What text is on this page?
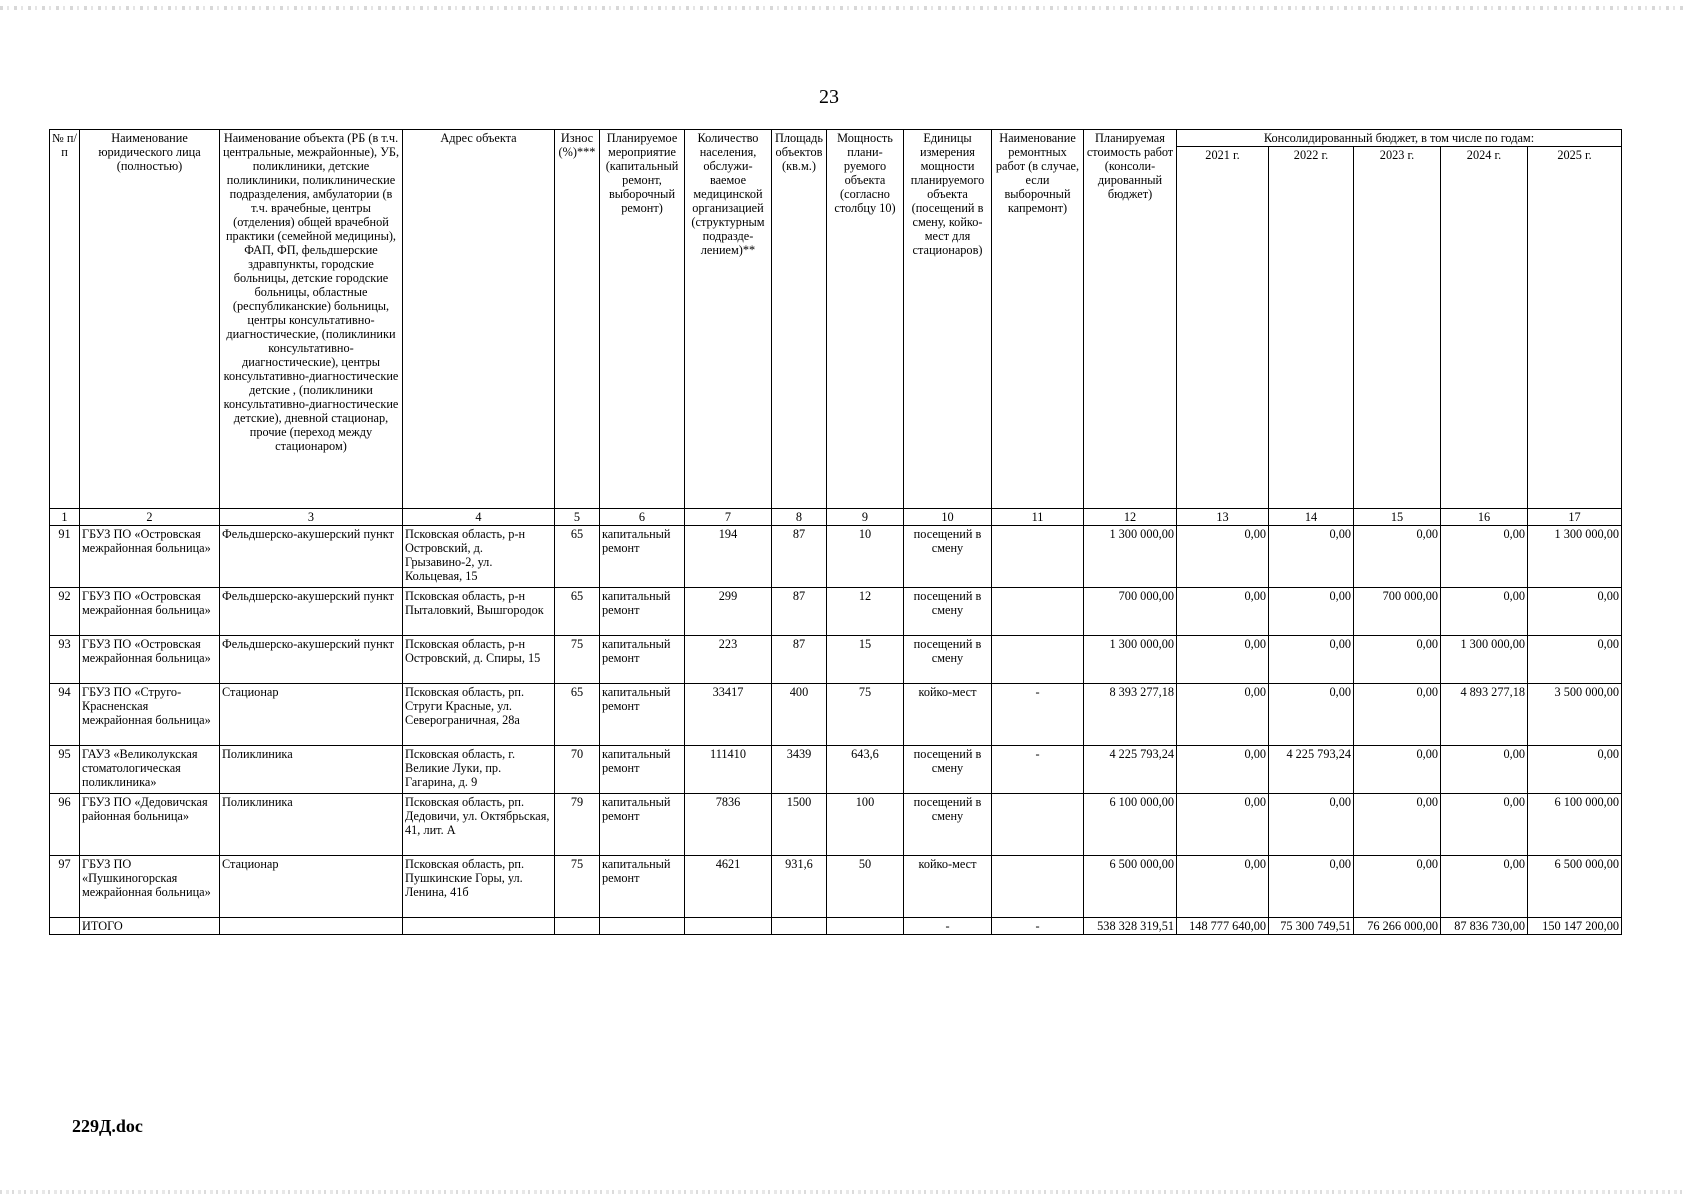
23
№ п/п	Наименование юридического лица (полностью)	Наименование объекта (РБ (в т.ч. центральные, межрайонные), УБ, поликлиники, детские поликлиники, поликлинические подразделения, амбулатории (в т.ч. врачебные, центры (отделения) общей врачебной практики (семейной медицины), ФАП, ФП, фельдшерские здравпункты, городские больницы, детские городские больницы, областные (республиканские) больницы, центры консультативно-диагностические, (поликлиники консультативно-диагностические), центры консультативно-диагностические детские , (поликлиники консультативно-диагностические детские), дневной стационар, прочие (переход между стационаром)	Адрес объекта	Износ (%)***	Планируемое мероприятие (капитальный ремонт, выборочный ремонт)	Количество населения, обслужи-ваемое медицинской организацией (структурным подразде-лением)**	Площадь объектов (кв.м.)	Мощность плани-руемого объекта (согласно столбцу 10)	Единицы измерения мощности планируемого объекта (посещений в смену, койко-мест для стационаров)	Наименование ремонтных работ (в случае, если выборочный капремонт)	Планируемая стоимость работ (консоли-дированный бюджет)	Консолидированный бюджет, в том числе по годам:				
												2021 г.	2022 г.	2023 г.	2024 г.	2025 г.
1	2	3	4	5	6	7	8	9	10	11	12	13	14	15	16	17
91	ГБУЗ ПО «Островская межрайонная больница»	Фельдшерско-акушерский пункт	Псковская область, р-н Островский, д. Грызавино-2, ул. Кольцевая, 15	65	капитальный ремонт	194	87	10	посещений в смену		1 300 000,00	0,00	0,00	0,00	0,00	1 300 000,00
92	ГБУЗ ПО «Островская межрайонная больница»	Фельдшерско-акушерский пункт	Псковская область, р-н Пыталовкий, Вышгородок	65	капитальный ремонт	299	87	12	посещений в смену		700 000,00	0,00	0,00	700 000,00	0,00	0,00
93	ГБУЗ ПО «Островская межрайонная больница»	Фельдшерско-акушерский пункт	Псковская область, р-н Островский, д. Спиры, 15	75	капитальный ремонт	223	87	15	посещений в смену		1 300 000,00	0,00	0,00	0,00	1 300 000,00	0,00
94	ГБУЗ ПО «Струго-Красненская межрайонная больница»	Стационар	Псковская область, рп. Струги Красные, ул. Северограничная, 28а	65	капитальный ремонт	33417	400	75	койко-мест	-	8 393 277,18	0,00	0,00	0,00	4 893 277,18	3 500 000,00
95	ГАУЗ «Великолукская стоматологическая поликлиника»	Поликлиника	Псковская область, г. Великие Луки, пр. Гагарина, д. 9	70	капитальный ремонт	111410	3439	643,6	посещений в смену	-	4 225 793,24	0,00	4 225 793,24	0,00	0,00	0,00
96	ГБУЗ ПО «Дедовичская районная больница»	Поликлиника	Псковская область, рп. Дедовичи, ул. Октябрьская, 41, лит. А	79	капитальный ремонт	7836	1500	100	посещений в смену		6 100 000,00	0,00	0,00	0,00	0,00	6 100 000,00
97	ГБУЗ ПО «Пушкиногорская межрайонная больница»	Стационар	Псковская область, рп. Пушкинские Горы, ул. Ленина, 41б	75	капитальный ремонт	4621	931,6	50	койко-мест		6 500 000,00	0,00	0,00	0,00	0,00	6 500 000,00
	ИТОГО								-	-	538 328 319,51	148 777 640,00	75 300 749,51	76 266 000,00	87 836 730,00	150 147 200,00
229Д.doc
